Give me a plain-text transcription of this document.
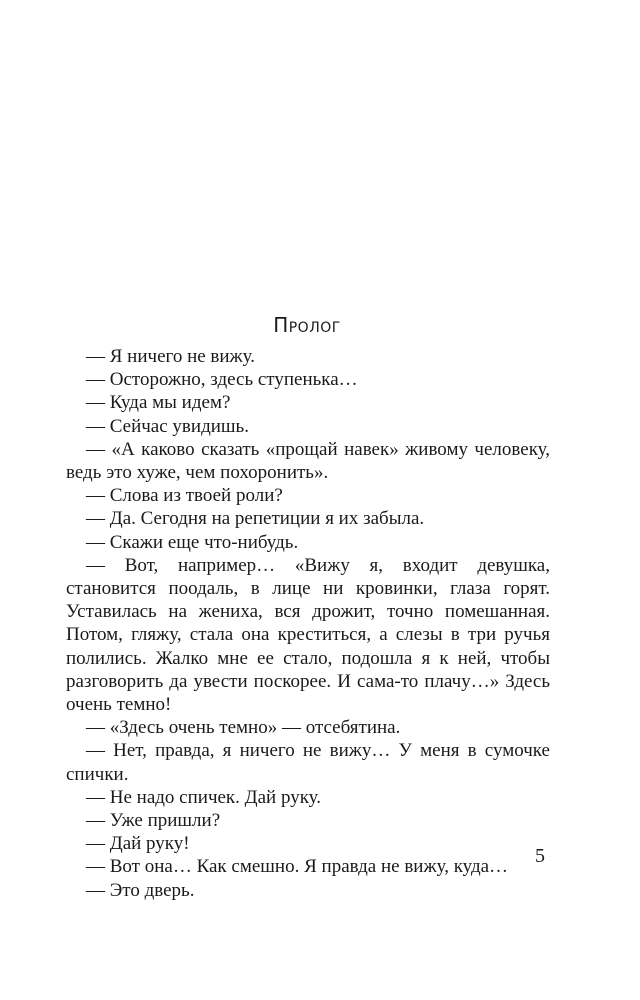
Пролог

— Я ничего не вижу.

— Осторожно, здесь ступенька…

— Куда мы идем?

— Сейчас увидишь.

— «А каково сказать «прощай навек» живому человеку, ведь это хуже, чем похоронить».

— Слова из твоей роли?

— Да. Сегодня на репетиции я их забыла.

— Скажи еще что-нибудь.

— Вот, например… «Вижу я, входит девушка, становится поодаль, в лице ни кровинки, глаза горят. Уставилась на жениха, вся дрожит, точно помешанная. Потом, гляжу, стала она креститься, а слезы в три ручья полились. Жалко мне ее стало, подошла я к ней, чтобы разговорить да увести поскорее. И сама-то плачу…» Здесь очень темно!

— «Здесь очень темно» — отсебятина.

— Нет, правда, я ничего не вижу… У меня в сумочке спички.

— Не надо спичек. Дай руку.

— Уже пришли?

— Дай руку!

— Вот она… Как смешно. Я правда не вижу, куда…

— Это дверь.

5
